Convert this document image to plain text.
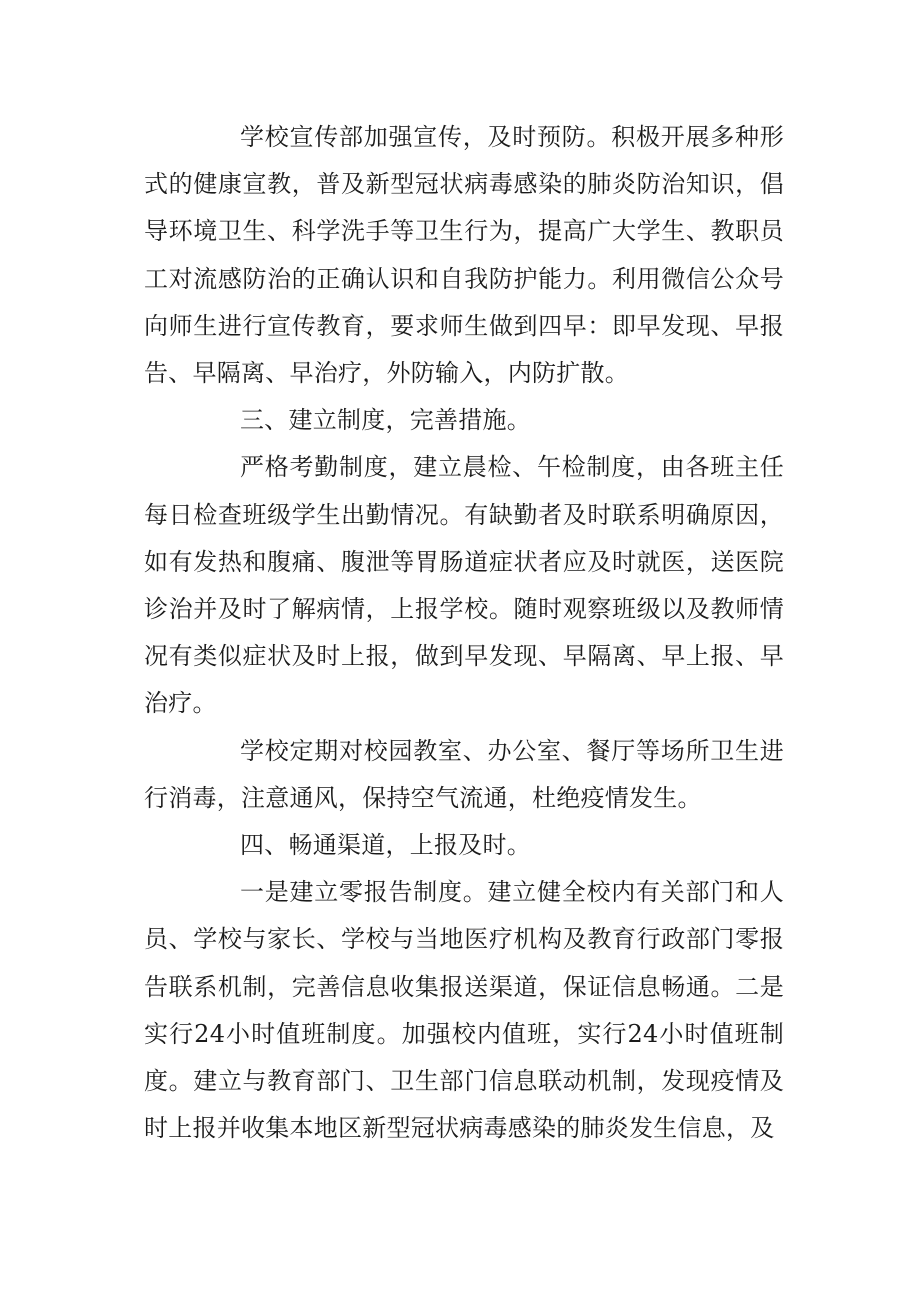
学校宣传部加强宣传，及时预防。积极开展多种形式的健康宣教，普及新型冠状病毒感染的肺炎防治知识，倡导环境卫生、科学洗手等卫生行为，提高广大学生、教职员工对流感防治的正确认识和自我防护能力。利用微信公众号向师生进行宣传教育，要求师生做到四早：即早发现、早报告、早隔离、早治疗，外防输入，内防扩散。

三、建立制度，完善措施。

严格考勤制度，建立晨检、午检制度，由各班主任每日检查班级学生出勤情况。有缺勤者及时联系明确原因，如有发热和腹痛、腹泄等胃肠道症状者应及时就医，送医院诊治并及时了解病情，上报学校。随时观察班级以及教师情况有类似症状及时上报，做到早发现、早隔离、早上报、早治疗。

学校定期对校园教室、办公室、餐厅等场所卫生进行消毒，注意通风，保持空气流通，杜绝疫情发生。

四、畅通渠道，上报及时。

一是建立零报告制度。建立健全校内有关部门和人员、学校与家长、学校与当地医疗机构及教育行政部门零报告联系机制，完善信息收集报送渠道，保证信息畅通。二是实行24小时值班制度。加强校内值班，实行24小时值班制度。建立与教育部门、卫生部门信息联动机制，发现疫情及时上报并收集本地区新型冠状病毒感染的肺炎发生信息，及
